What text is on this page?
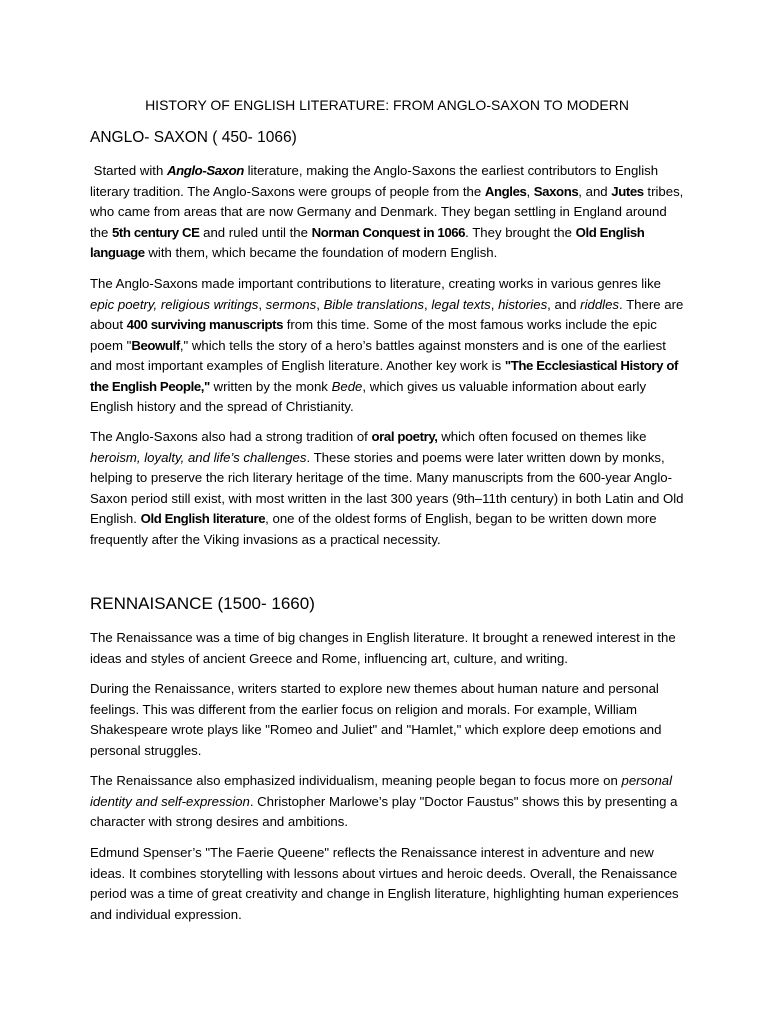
HISTORY OF ENGLISH LITERATURE: FROM ANGLO-SAXON TO MODERN
ANGLO- SAXON ( 450- 1066)

Started with Anglo-Saxon literature, making the Anglo-Saxons the earliest contributors to English literary tradition. The Anglo-Saxons were groups of people from the Angles, Saxons, and Jutes tribes, who came from areas that are now Germany and Denmark. They began settling in England around the 5th century CE and ruled until the Norman Conquest in 1066. They brought the Old English language with them, which became the foundation of modern English.

The Anglo-Saxons made important contributions to literature, creating works in various genres like epic poetry, religious writings, sermons, Bible translations, legal texts, histories, and riddles. There are about 400 surviving manuscripts from this time. Some of the most famous works include the epic poem "Beowulf," which tells the story of a hero’s battles against monsters and is one of the earliest and most important examples of English literature. Another key work is "The Ecclesiastical History of the English People," written by the monk Bede, which gives us valuable information about early English history and the spread of Christianity.

The Anglo-Saxons also had a strong tradition of oral poetry, which often focused on themes like heroism, loyalty, and life’s challenges. These stories and poems were later written down by monks, helping to preserve the rich literary heritage of the time. Many manuscripts from the 600-year Anglo-Saxon period still exist, with most written in the last 300 years (9th–11th century) in both Latin and Old English. Old English literature, one of the oldest forms of English, began to be written down more frequently after the Viking invasions as a practical necessity.

RENNAISANCE (1500- 1660)

The Renaissance was a time of big changes in English literature. It brought a renewed interest in the ideas and styles of ancient Greece and Rome, influencing art, culture, and writing.

During the Renaissance, writers started to explore new themes about human nature and personal feelings. This was different from the earlier focus on religion and morals. For example, William Shakespeare wrote plays like "Romeo and Juliet" and "Hamlet," which explore deep emotions and personal struggles.

The Renaissance also emphasized individualism, meaning people began to focus more on personal identity and self-expression. Christopher Marlowe’s play "Doctor Faustus" shows this by presenting a character with strong desires and ambitions.

Edmund Spenser’s "The Faerie Queene" reflects the Renaissance interest in adventure and new ideas. It combines storytelling with lessons about virtues and heroic deeds. Overall, the Renaissance period was a time of great creativity and change in English literature, highlighting human experiences and individual expression.
